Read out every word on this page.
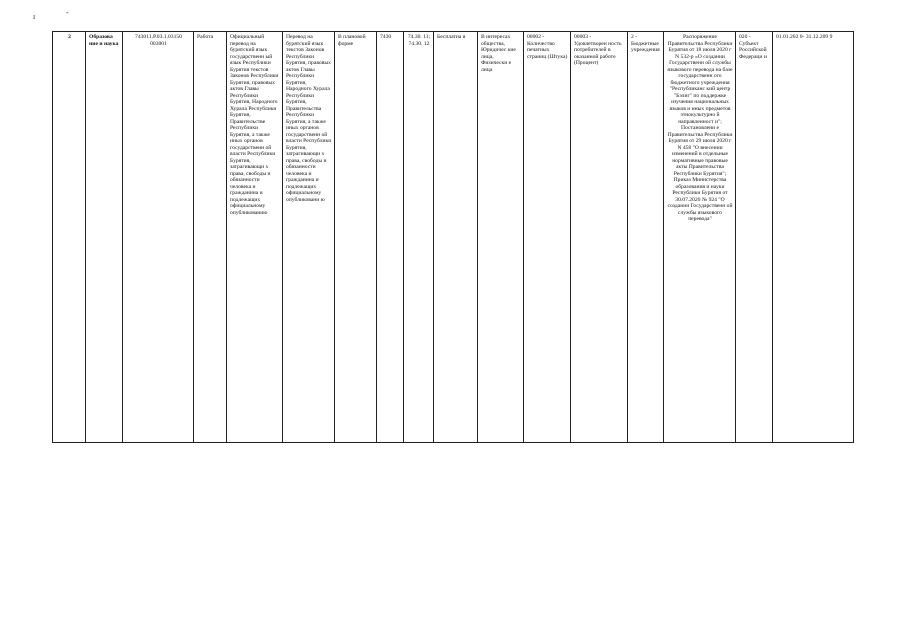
ı	-
2	Образова ние и наука	743011.Р.03.1.03150 003001	Работа	Официальный перевод на бурятский язык государственн ый язык Республики Бурятия текстов Законов Республики Бурятия, правовых актов Главы Республики Бурятия, Народного Хурала Республики Бурятия, Правительстве Республики Бурятия, а также иных органов государственн ой власти Республики Бурятия, затрагивающи х права, свободы и обязанности человека и гражданина и подлежащих официальному опубликованию	Перевод на бурятский язык текстов Законов Республики Бурятия, правовых актов Главы Республики Бурятия, Народного Хурала Республики Бурятия, Правительства Республики Бурятия, а также иных органов государственн ой власти Республики Бурятия, затрагивающи х права, свободы и обязанности человека и гражданина и подлежащих официальному опубликовани ю	В плановой форме	7430	74.30. 11; 74.30. 12	Бесплатна я	В интересах общества, Юридичес кие лица, Физически е лица	00002 - Количество печатных страниц (Штука)	00003 - Удовлетворен ность потребителей в оказанной работе (Процент)	2 - Бюджетные учреждения	Распоряжение Правительства Республики Бурятия от 18 июля 2020 г N 532-р «О создании Государственн ой службы языкового перевода на базе государственн ого бюджетного учреждения "Республиканс кий центр "Бэлиг" по поддержке изучения национальных языков и иных предметов этнокультурно й направленност и"; Постановлени е Правительства Республики Бурятия от 29 июля 2020 г N 458 "О внесении изменений в отдельные нормативные правовые акты Правительства Республики Бурятия"; Приказ Министерства образования и науки Республики Бурятия от 30.07.2020 № 924 "О создании Государственн ой службы языкового перевода"	020 - Субъект Российской Федераци и	01.01.202 0- 31.12.209 9
